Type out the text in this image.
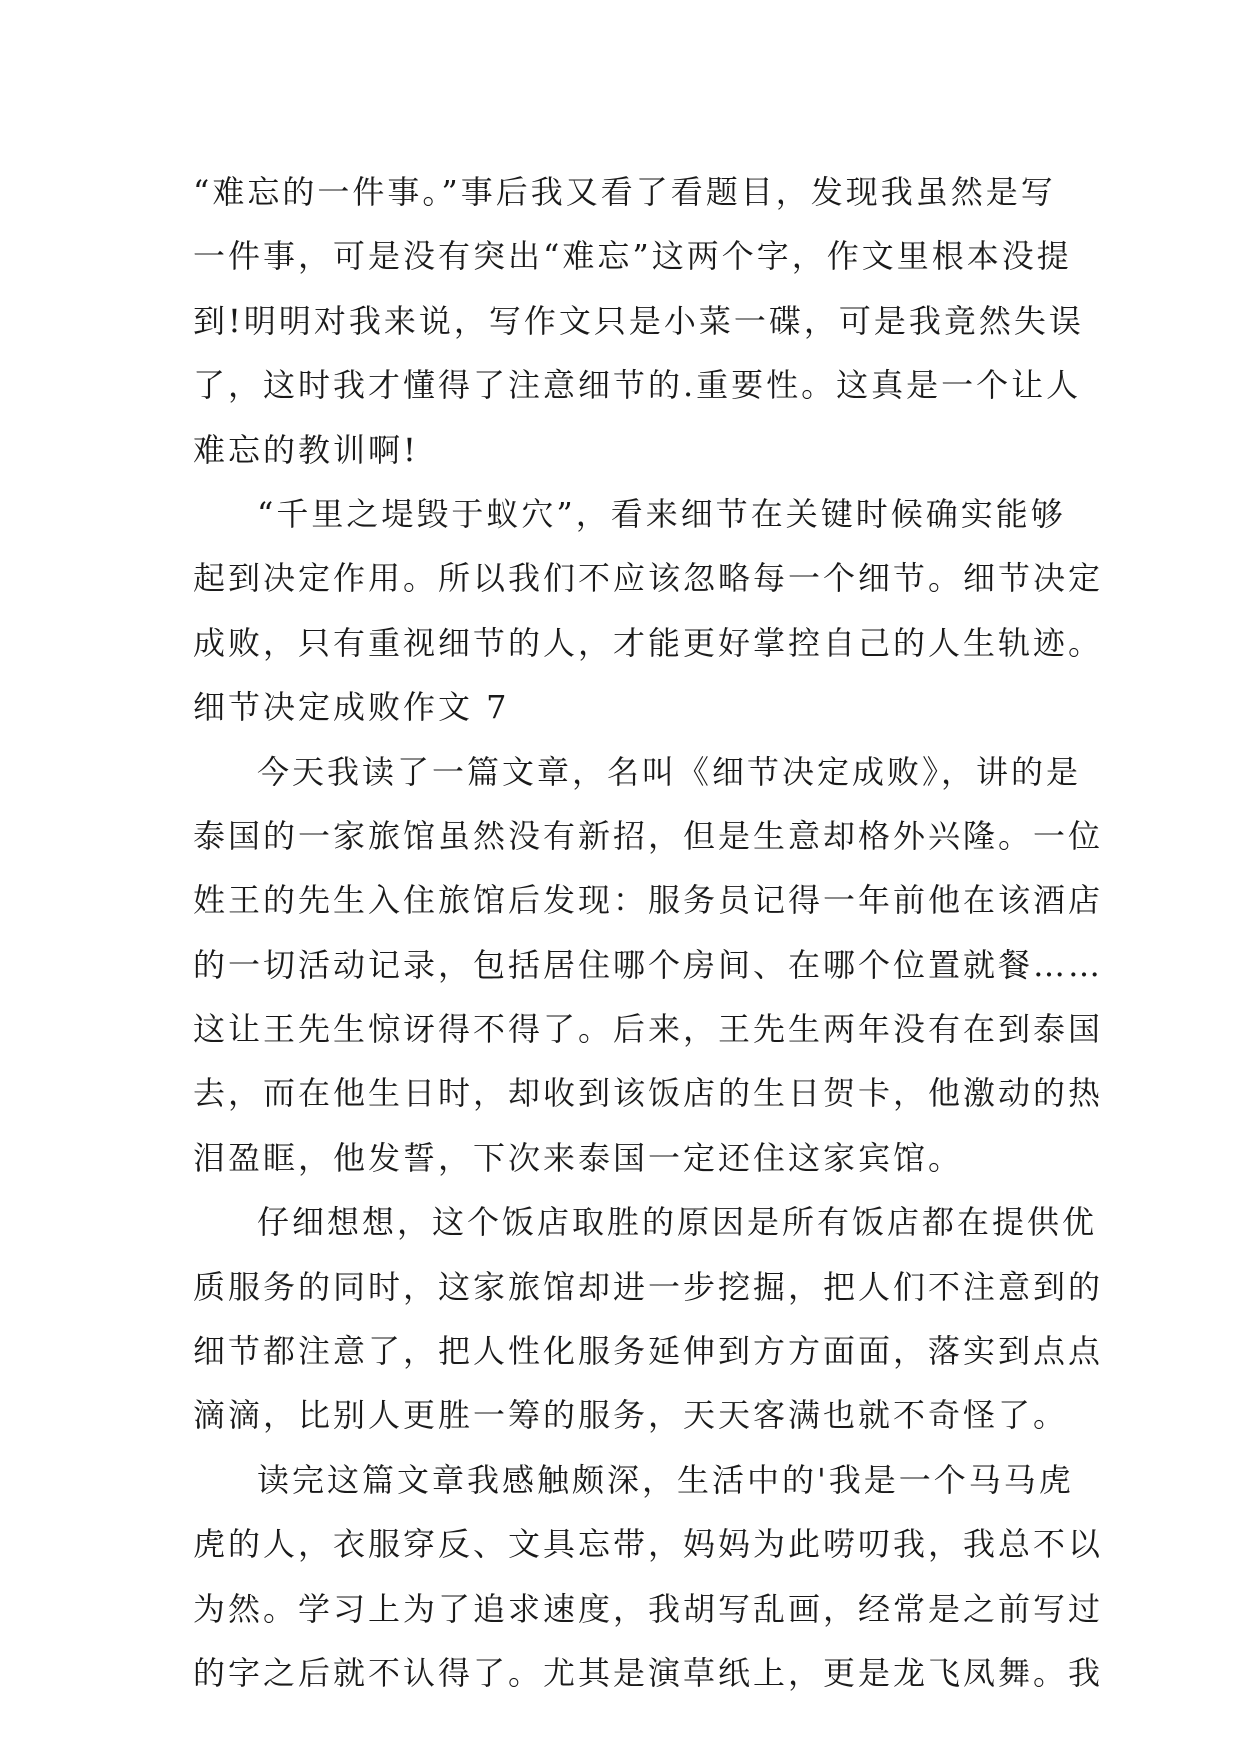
“难忘的一件事。”事后我又看了看题目，发现我虽然是写
一件事，可是没有突出“难忘”这两个字，作文里根本没提
到!明明对我来说，写作文只是小菜一碟，可是我竟然失误
了，这时我才懂得了注意细节的.重要性。这真是一个让人
难忘的教训啊!
“千里之堤毁于蚁穴”，看来细节在关键时候确实能够
起到决定作用。所以我们不应该忽略每一个细节。细节决定
成败，只有重视细节的人，才能更好掌控自己的人生轨迹。
细节决定成败作文 7
今天我读了一篇文章，名叫《细节决定成败》，讲的是
泰国的一家旅馆虽然没有新招，但是生意却格外兴隆。一位
姓王的先生入住旅馆后发现：服务员记得一年前他在该酒店
的一切活动记录，包括居住哪个房间、在哪个位置就餐……
这让王先生惊讶得不得了。后来，王先生两年没有在到泰国
去，而在他生日时，却收到该饭店的生日贺卡，他激动的热
泪盈眶，他发誓，下次来泰国一定还住这家宾馆。
仔细想想，这个饭店取胜的原因是所有饭店都在提供优
质服务的同时，这家旅馆却进一步挖掘，把人们不注意到的
细节都注意了，把人性化服务延伸到方方面面，落实到点点
滴滴，比别人更胜一筹的服务，天天客满也就不奇怪了。
读完这篇文章我感触颇深，生活中的'我是一个马马虎
虎的人，衣服穿反、文具忘带，妈妈为此唠叨我，我总不以
为然。学习上为了追求速度，我胡写乱画，经常是之前写过
的字之后就不认得了。尤其是演草纸上，更是龙飞凤舞。我
